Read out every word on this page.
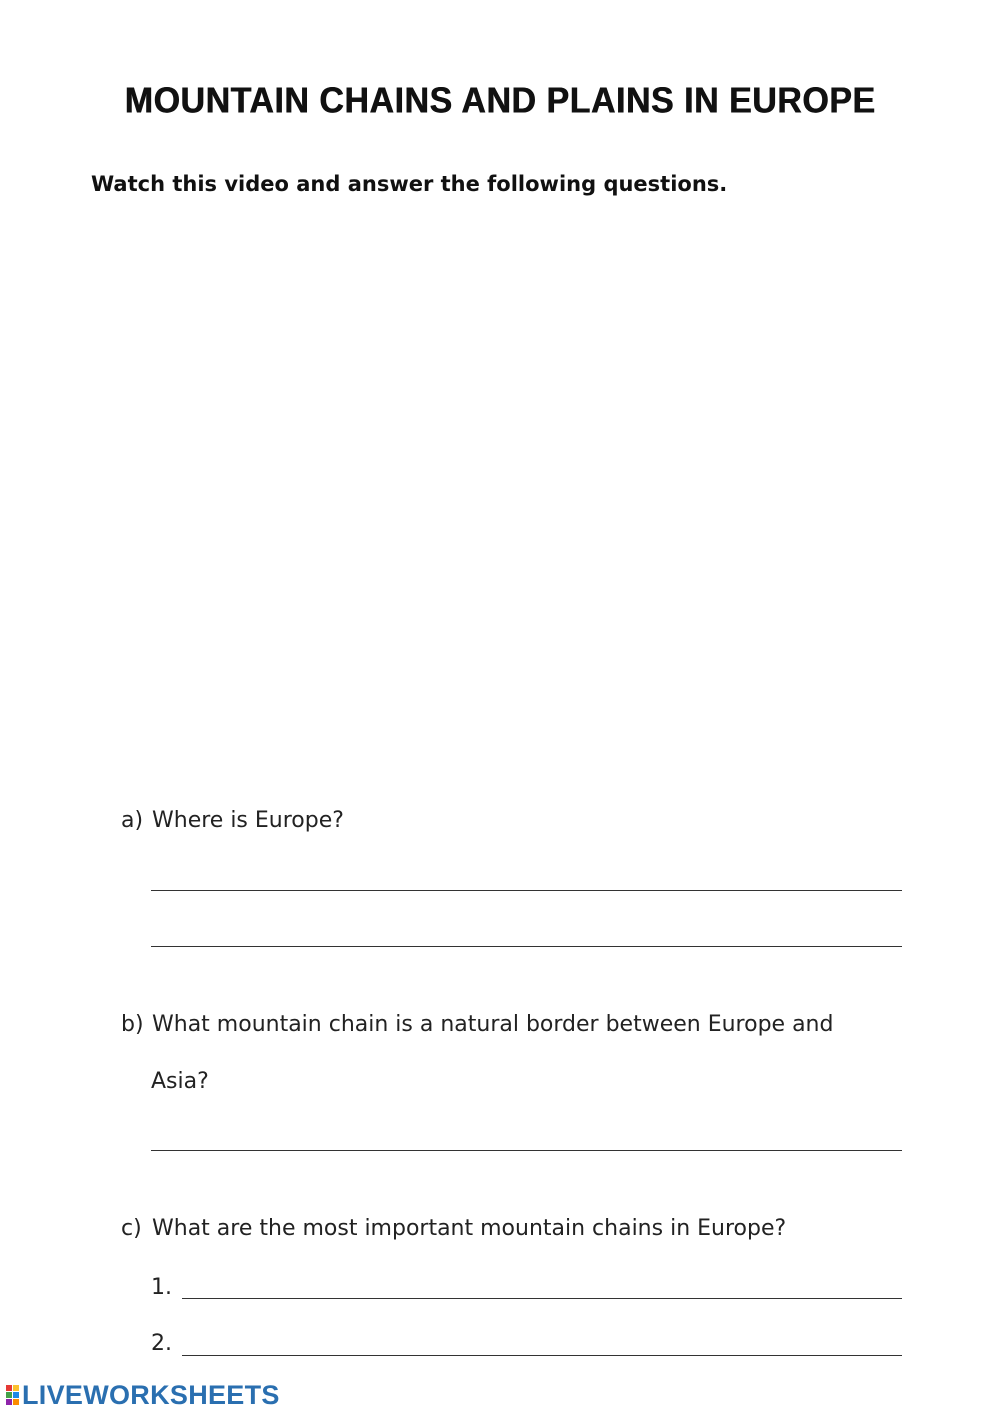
MOUNTAIN CHAINS AND PLAINS IN EUROPE

Watch this video and answer the following questions.

a) Where is Europe?
b) What mountain chain is a natural border between Europe and
Asia?
c) What are the most important mountain chains in Europe?
1.
2.
LIVEWORKSHEETS
